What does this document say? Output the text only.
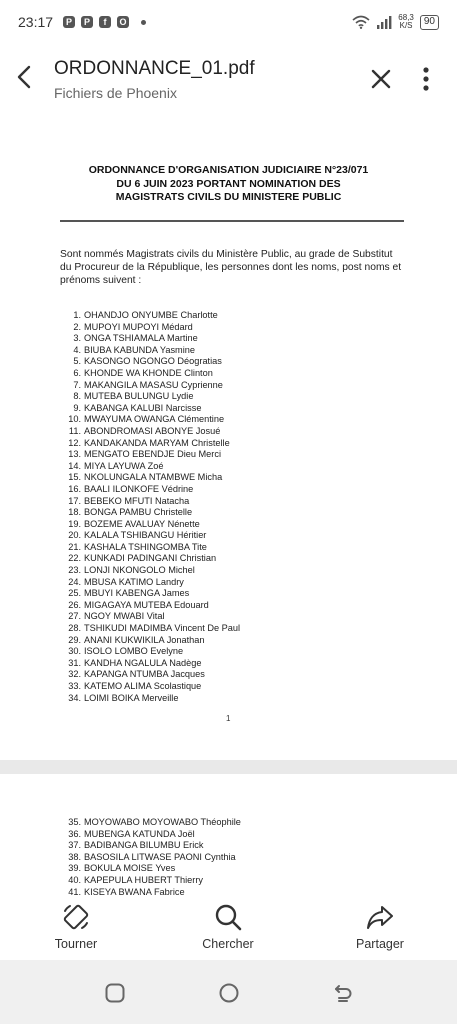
23:17	P	P	f	O	68,3
K/S	90
ORDONNANCE_01.pdf
Fichiers de Phoenix
ORDONNANCE D'ORGANISATION JUDICIAIRE N°23/071
DU 6 JUIN 2023 PORTANT NOMINATION DES
MAGISTRATS CIVILS DU MINISTERE PUBLIC

Sont nommés Magistrats civils du Ministère Public, au grade de Substitut du Procureur de la République, les personnes dont les noms, post noms et prénoms suivent :

1. OHANDJO ONYUMBE Charlotte
2. MUPOYI MUPOYI Médard
3. ONGA TSHIAMALA Martine
4. BIUBA KABUNDA Yasmine
5. KASONGO NGONGO Déogratias
6. KHONDE WA KHONDE Clinton
7. MAKANGILA MASASU Cyprienne
8. MUTEBA BULUNGU Lydie
9. KABANGA KALUBI Narcisse
10. MWAYUMA OWANGA Clémentine
11. ABONDROMASI ABONYE Josué
12. KANDAKANDA MARYAM Christelle
13. MENGATO EBENDJE Dieu Merci
14. MIYA LAYUWA Zoé
15. NKOLUNGALA NTAMBWE Micha
16. BAALI ILONKOFE Védrine
17. BEBEKO MFUTI Natacha
18. BONGA PAMBU Christelle
19. BOZEME AVALUAY Nénette
20. KALALA TSHIBANGU Héritier
21. KASHALA TSHINGOMBA Tite
22. KUNKADI PADINGANI Christian
23. LONJI NKONGOLO Michel
24. MBUSA KATIMO Landry
25. MBUYI KABENGA James
26. MIGAGAYA MUTEBA Edouard
27. NGOY MWABI Vital
28. TSHIKUDI MADIMBA Vincent De Paul
29. ANANI KUKWIKILA Jonathan
30. ISOLO LOMBO Evelyne
31. KANDHA NGALULA Nadège
32. KAPANGA NTUMBA Jacques
33. KATEMO ALIMA Scolastique
34. LOIMI BOIKA Merveille
1
35. MOYOWABO MOYOWABO Théophile
36. MUBENGA KATUNDA Joël
37. BADIBANGA BILUMBU Erick
38. BASOSILA LITWASE PAONI Cynthia
39. BOKULA MOISE Yves
40. KAPEPULA HUBERT Thierry
41. KISEYA BWANA Fabrice
Tourner	Chercher	Partager
